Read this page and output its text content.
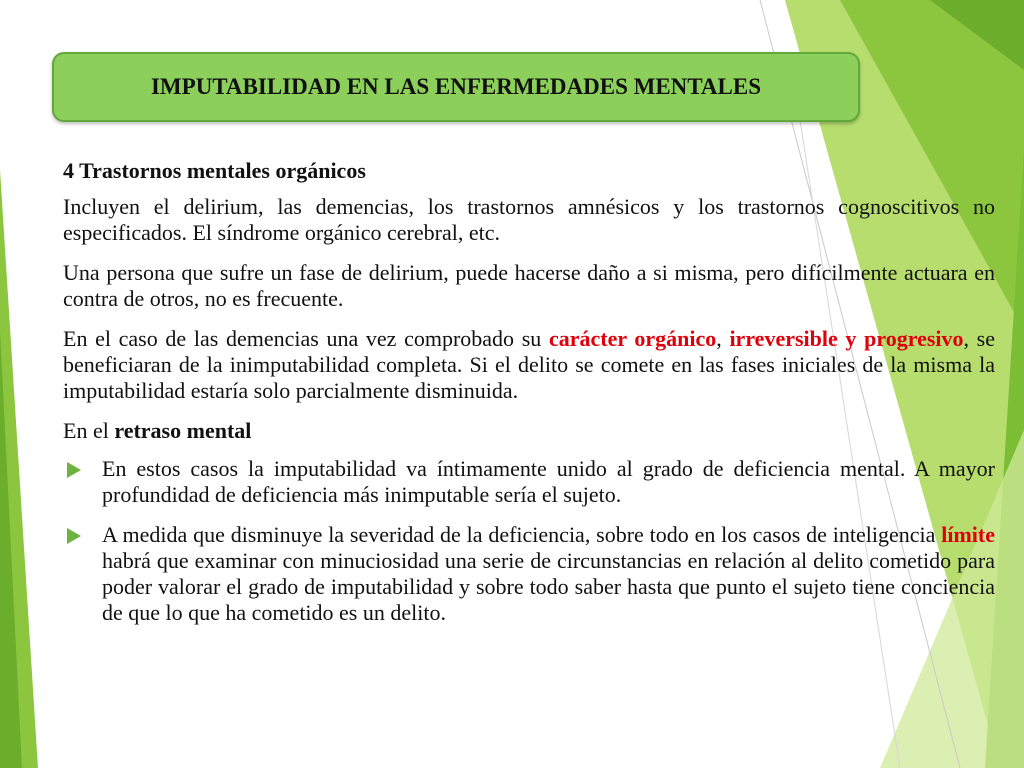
IMPUTABILIDAD EN LAS ENFERMEDADES MENTALES

4 Trastornos mentales orgánicos

Incluyen el delirium, las demencias, los trastornos amnésicos y los trastornos cognoscitivos no especificados. El síndrome orgánico cerebral, etc.

Una persona que sufre un fase de delirium, puede hacerse daño a si misma, pero difícilmente actuara en contra de otros, no es frecuente.

En el caso de las demencias una vez comprobado su carácter orgánico, irreversible y progresivo, se beneficiaran de la inimputabilidad completa. Si el delito se comete en las fases iniciales de la misma la imputabilidad estaría solo parcialmente disminuida.

En el retraso mental

En estos casos la imputabilidad va íntimamente unido al grado de deficiencia mental. A mayor profundidad de deficiencia más inimputable sería el sujeto.
A medida que disminuye la severidad de la deficiencia, sobre todo en los casos de inteligencia límite habrá que examinar con minuciosidad una serie de circunstancias en relación al delito cometido para poder valorar el grado de imputabilidad y sobre todo saber hasta que punto el sujeto tiene conciencia de que lo que ha cometido es un delito.
